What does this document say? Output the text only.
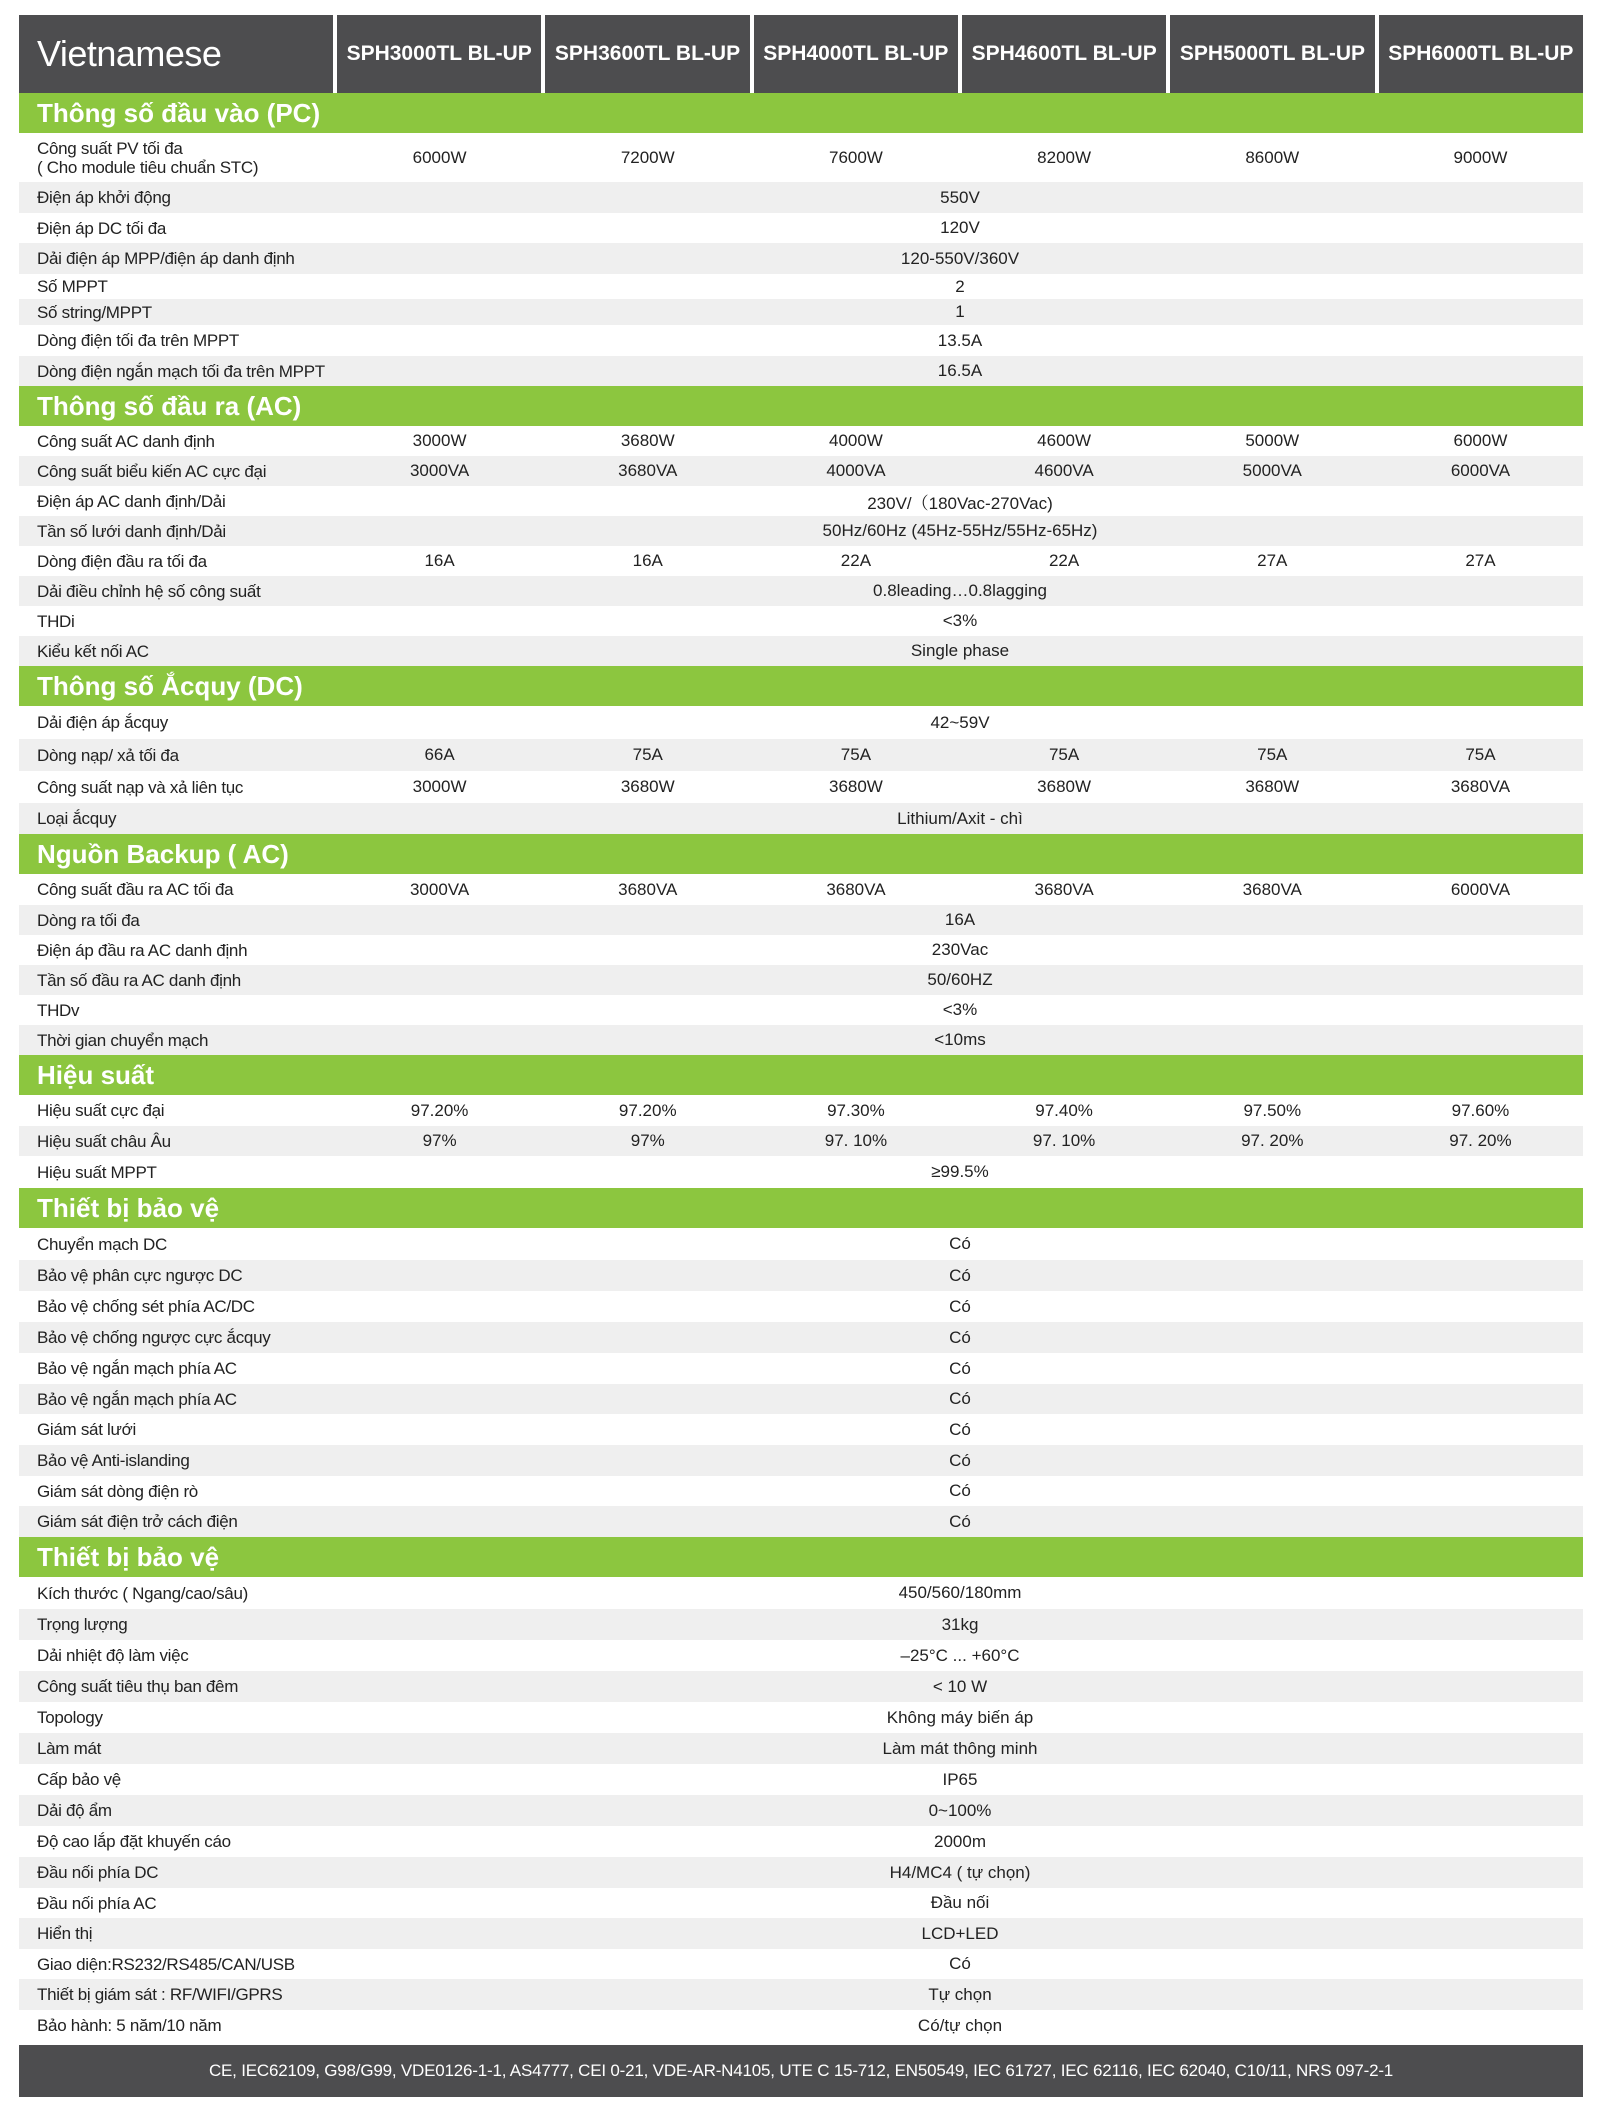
Vietnamese	SPH3000TL BL-UP	SPH3600TL BL-UP	SPH4000TL BL-UP	SPH4600TL BL-UP	SPH5000TL BL-UP	SPH6000TL BL-UP
Thông số đầu vào (PC)
Công suất PV tối đa
( Cho module tiêu chuẩn STC)
6000W	7200W	7600W	8200W	8600W	9000W
Điện áp khởi động	550V
Điện áp DC tối đa	120V
Dải điện áp MPP/điện áp danh định	120-550V/360V
Số MPPT	2
Số string/MPPT	1
Dòng điện tối đa trên MPPT	13.5A
Dòng điện ngắn mạch tối đa trên MPPT	16.5A
Thông số đầu ra (AC)
Công suất AC danh định	3000W	3680W	4000W	4600W	5000W	6000W
Công suất biểu kiến AC cực đại	3000VA	3680VA	4000VA	4600VA	5000VA	6000VA
Điện áp AC danh định/Dải	230V/（180Vac-270Vac)
Tần số lưới danh định/Dải	50Hz/60Hz (45Hz-55Hz/55Hz-65Hz)
Dòng điện đầu ra tối đa	16A	16A	22A	22A	27A	27A
Dải điều chỉnh hệ số công suất	0.8leading…0.8lagging
THDi	<3%
Kiểu kết nối AC	Single phase
Thông số Ắcquy (DC)
Dải điện áp ắcquy	42~59V
Dòng nạp/ xả tối đa	66A	75A	75A	75A	75A	75A
Công suất nạp và xả liên tục	3000W	3680W	3680W	3680W	3680W	3680VA
Loại ắcquy	Lithium/Axit - chì
Nguồn Backup ( AC)
Công suất đầu ra AC tối đa	3000VA	3680VA	3680VA	3680VA	3680VA	6000VA
Dòng ra tối đa	16A
Điện áp đầu ra AC danh định	230Vac
Tần số đầu ra AC danh định	50/60HZ
THDv	<3%
Thời gian chuyển mạch	<10ms
Hiệu suất
Hiệu suất cực đại	97.20%	97.20%	97.30%	97.40%	97.50%	97.60%
Hiệu suất châu Âu	97%	97%	97. 10%	97. 10%	97. 20%	97. 20%
Hiệu suất MPPT	≥99.5%
Thiết bị bảo vệ
Chuyển mạch DC	Có
Bảo vệ phân cực ngược DC	Có
Bảo vệ chống sét phía AC/DC	Có
Bảo vệ chống ngược cực ắcquy	Có
Bảo vệ ngắn mạch phía AC	Có
Bảo vệ ngắn mạch phía AC	Có
Giám sát lưới	Có
Bảo vệ Anti-islanding	Có
Giám sát dòng điện rò	Có
Giám sát điện trở cách điện	Có
Thiết bị bảo vệ
Kích thước ( Ngang/cao/sâu)	450/560/180mm
Trọng lượng	31kg
Dải nhiệt độ làm việc	–25°C ... +60°C
Công suất tiêu thụ ban đêm	< 10 W
Topology	Không máy biến áp
Làm mát	Làm mát thông minh
Cấp bảo vệ	IP65
Dải độ ẩm	0~100%
Độ cao lắp đặt khuyến cáo	2000m
Đầu nối phía DC	H4/MC4 ( tự chọn)
Đầu nối phía AC	Đầu nối
Hiển thị	LCD+LED
Giao diện:RS232/RS485/CAN/USB	Có
Thiết bị giám sát : RF/WIFI/GPRS	Tự chọn
Bảo hành: 5 năm/10 năm	Có/tự chọn
CE, IEC62109, G98/G99, VDE0126-1-1, AS4777, CEI 0-21, VDE-AR-N4105, UTE C 15-712, EN50549, IEC 61727, IEC 62116, IEC 62040, C10/11, NRS 097-2-1
